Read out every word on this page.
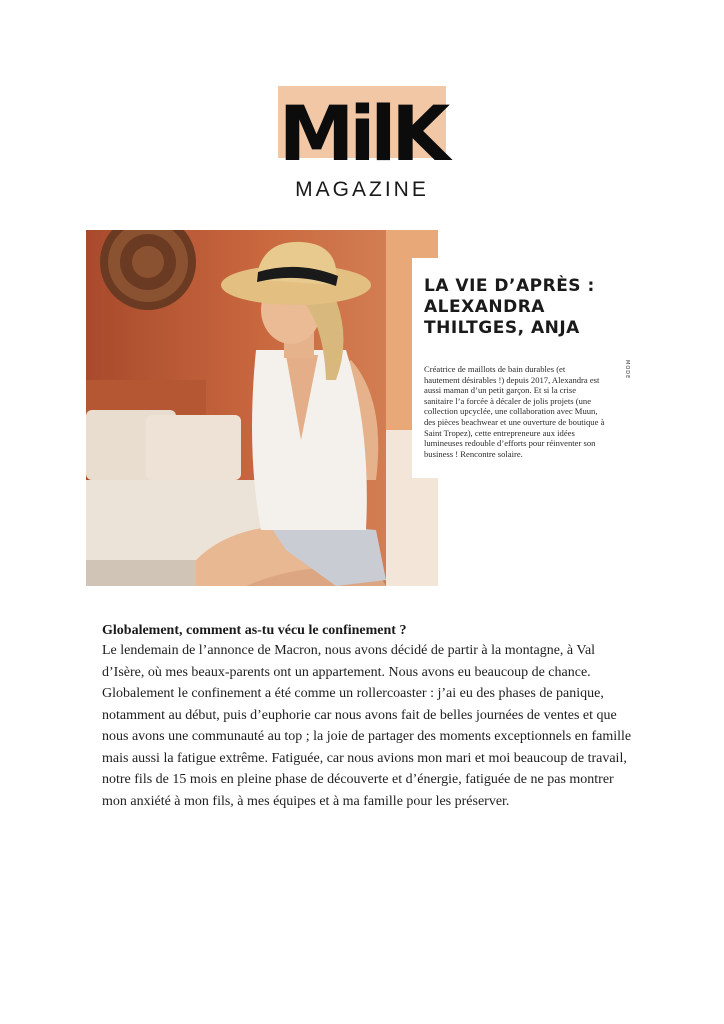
MilK
MAGAZINE
LA VIE D’APRÈS :
ALEXANDRA
THILTGES, ANJA
Créatrice de maillots de bain durables (et
hautement désirables !) depuis 2017, Alexandra est
aussi maman d’un petit garçon. Et si la crise
sanitaire l’a forcée à décaler de jolis projets (une
collection upcyclée, une collaboration avec Muun,
des pièces beachwear et une ouverture de boutique à
Saint Tropez), cette entrepreneure aux idées
lumineuses redouble d’efforts pour réinventer son
business ! Rencontre solaire.
MODE
Globalement, comment as-tu vécu le confinement ?
Le lendemain de l’annonce de Macron, nous avons décidé de partir à la montagne, à Val
d’Isère, où mes beaux-parents ont un appartement. Nous avons eu beaucoup de chance.
Globalement le confinement a été comme un rollercoaster : j’ai eu des phases de panique,
notamment au début, puis d’euphorie car nous avons fait de belles journées de ventes et que
nous avons une communauté au top ; la joie de partager des moments exceptionnels en famille
mais aussi la fatigue extrême. Fatiguée, car nous avions mon mari et moi beaucoup de travail,
notre fils de 15 mois en pleine phase de découverte et d’énergie, fatiguée de ne pas montrer
mon anxiété à mon fils, à mes équipes et à ma famille pour les préserver.
